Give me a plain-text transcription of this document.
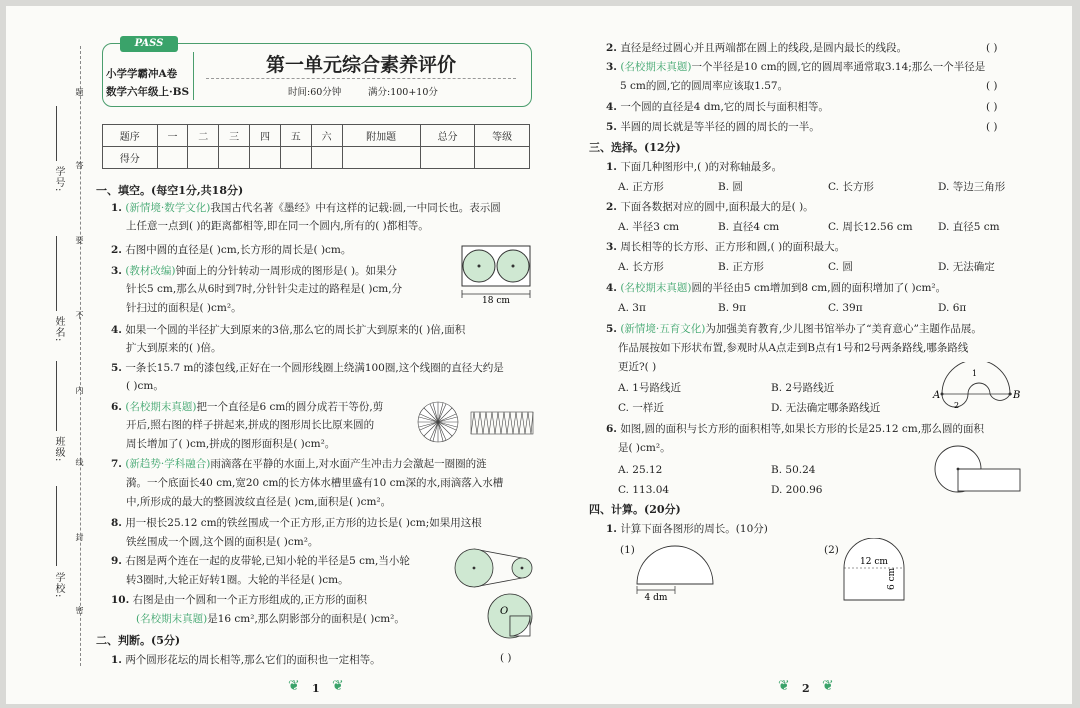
学号:
姓名:
班级:
学校:
题
答
要
不
内
线
封
密
PASS
小学学霸冲A卷
数学六年级上·BS
第一单元综合素养评价
时间:60分钟	满分:100+10分
题序	一	二	三	四	五	六	附加题	总分	等级
得分									
一、填空。(每空1分,共18分)
1. (新情境·数学文化)我国古代名著《墨经》中有这样的记载:圆,一中同长也。表示圆
上任意一点到( )的距离都相等,即在同一个圆内,所有的( )都相等。
2. 右图中圆的直径是( )cm,长方形的周长是( )cm。
3. (教材改编)钟面上的分针转动一周形成的图形是( )。如果分
针长5 cm,那么从6时到7时,分针针尖走过的路程是( )cm,分
针扫过的面积是( )cm²。
18 cm
4. 如果一个圆的半径扩大到原来的3倍,那么它的周长扩大到原来的( )倍,面积
扩大到原来的( )倍。
5. 一条长15.7 m的漆包线,正好在一个圆形线圈上绕满100圈,这个线圈的直径大约是
( )cm。
6. (名校期末真题)把一个直径是6 cm的圆分成若干等份,剪
开后,照右图的样子拼起来,拼成的图形周长比原来圆的
周长增加了( )cm,拼成的图形面积是( )cm²。
7. (新趋势·学科融合)雨滴落在平静的水面上,对水面产生冲击力会激起一圈圈的涟
漪。一个底面长40 cm,宽20 cm的长方体水槽里盛有10 cm深的水,雨滴落入水槽
中,所形成的最大的整圆波纹直径是( )cm,面积是( )cm²。
8. 用一根长25.12 cm的铁丝围成一个正方形,正方形的边长是( )cm;如果用这根
铁丝围成一个圆,这个圆的面积是( )cm²。
9. 右图是两个连在一起的皮带轮,已知小轮的半径是5 cm,当小轮
转3圈时,大轮正好转1圈。大轮的半径是( )cm。
10. 右图是由一个圆和一个正方形组成的,正方形的面积
(名校期末真题)是16 cm²,那么阴影部分的面积是( )cm²。
O
二、判断。(5分)
1. 两个圆形花坛的周长相等,那么它们的面积也一定相等。	( )
2. 直径是经过圆心并且两端都在圆上的线段,是圆内最长的线段。	( )
3. (名校期末真题)一个半径是10 cm的圆,它的圆周率通常取3.14;那么一个半径是
5 cm的圆,它的圆周率应该取1.57。	( )
4. 一个圆的直径是4 dm,它的周长与面积相等。	( )
5. 半圆的周长就是等半径的圆的周长的一半。	( )
三、选择。(12分)
1. 下面几种图形中,( )的对称轴最多。
A. 正方形	B. 圆	C. 长方形	D. 等边三角形
2. 下面各数据对应的圆中,面积最大的是( )。
A. 半径3 cm	B. 直径4 cm	C. 周长12.56 cm D. 直径5 cm
3. 周长相等的长方形、正方形和圆,( )的面积最大。
A. 长方形	B. 正方形	C. 圆	D. 无法确定
4. (名校期末真题)圆的半径由5 cm增加到8 cm,圆的面积增加了( )cm²。
A. 3π	B. 9π	C. 39π	D. 6π
5. (新情境·五育文化)为加强美育教育,少儿图书馆举办了“美育意心”主题作品展。
作品展按如下形状布置,参观时从A点走到B点有1号和2号两条路线,哪条路线
更近?( )
A. 1号路线近	B. 2号路线近
C. 一样近	D. 无法确定哪条路线近
A	B
1
2
6. 如图,圆的面积与长方形的面积相等,如果长方形的长是25.12 cm,那么圆的面积
是( )cm²。
A. 25.12	B. 50.24
C. 113.04	D. 200.96
四、计算。(20分)
1. 计算下面各图形的周长。(10分)
(1)	(2)
4 dm
12 cm
6 cm
1	2
❦ ❦	❦ ❦
